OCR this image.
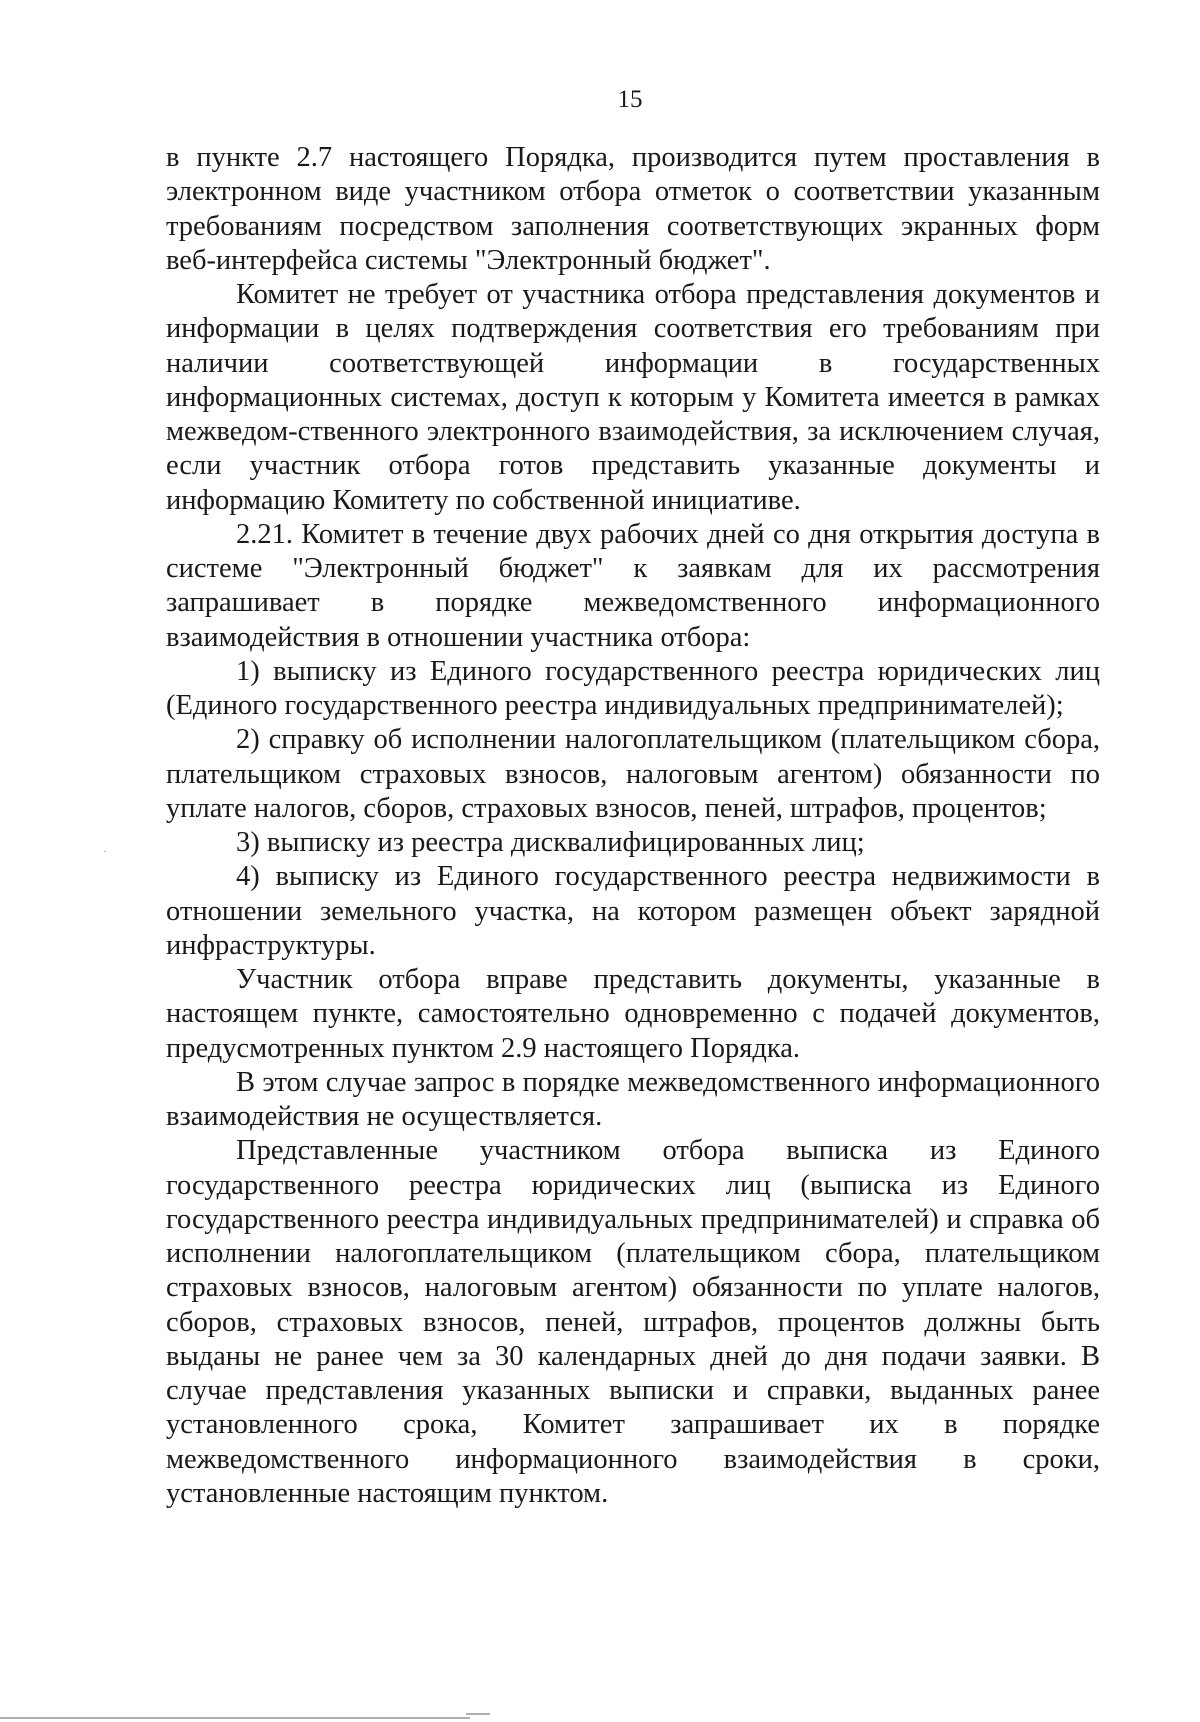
15

в пункте 2.7 настоящего Порядка, производится путем проставления в электронном виде участником отбора отметок о соответствии указанным требованиям посредством заполнения соответствующих экранных форм веб-интерфейса системы "Электронный бюджет".

Комитет не требует от участника отбора представления документов и информации в целях подтверждения соответствия его требованиям при наличии соответствующей информации в государственных информационных системах, доступ к которым у Комитета имеется в рамках межведом-ственного электронного взаимодействия, за исключением случая, если участник отбора готов представить указанные документы и информацию Комитету по собственной инициативе.

2.21. Комитет в течение двух рабочих дней со дня открытия доступа в системе "Электронный бюджет" к заявкам для их рассмотрения запрашивает в порядке межведомственного информационного взаимодействия в отношении участника отбора:

1) выписку из Единого государственного реестра юридических лиц (Единого государственного реестра индивидуальных предпринимателей);

2) справку об исполнении налогоплательщиком (плательщиком сбора, плательщиком страховых взносов, налоговым агентом) обязанности по уплате налогов, сборов, страховых взносов, пеней, штрафов, процентов;

3) выписку из реестра дисквалифицированных лиц;

4) выписку из Единого государственного реестра недвижимости в отношении земельного участка, на котором размещен объект зарядной инфраструктуры.

Участник отбора вправе представить документы, указанные в настоящем пункте, самостоятельно одновременно с подачей документов, предусмотренных пунктом 2.9 настоящего Порядка.

В этом случае запрос в порядке межведомственного информационного взаимодействия не осуществляется.

Представленные участником отбора выписка из Единого государственного реестра юридических лиц (выписка из Единого государственного реестра индивидуальных предпринимателей) и справка об исполнении налогоплательщиком (плательщиком сбора, плательщиком страховых взносов, налоговым агентом) обязанности по уплате налогов, сборов, страховых взносов, пеней, штрафов, процентов должны быть выданы не ранее чем за 30 календарных дней до дня подачи заявки. В случае представления указанных выписки и справки, выданных ранее установленного срока, Комитет запрашивает их в порядке межведомственного информационного взаимодействия в сроки, установленные настоящим пунктом.
